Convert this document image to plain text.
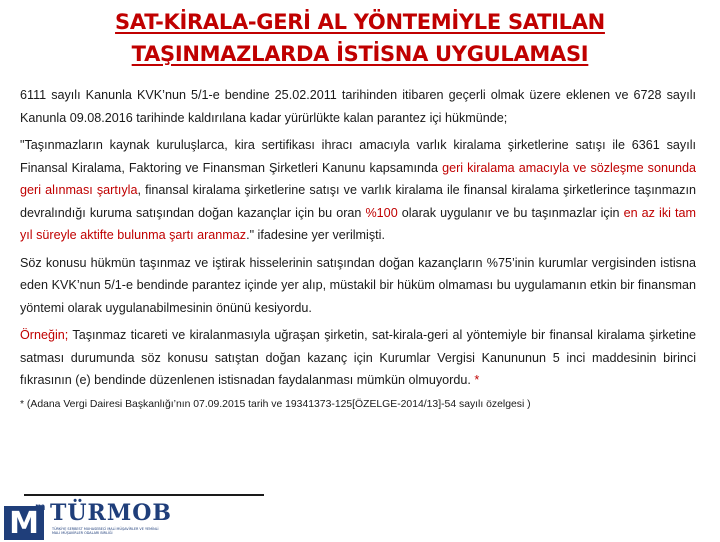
SAT-KİRALA-GERİ AL YÖNTEMİYLE SATILAN
TAŞINMAZLARDA İSTİSNA UYGULAMASI

6111 sayılı Kanunla KVK’nun 5/1-e bendine 25.02.2011 tarihinden itibaren geçerli olmak üzere eklenen ve 6728 sayılı Kanunla 09.08.2016 tarihinde kaldırılana kadar yürürlükte kalan parantez içi hükmünde;

"Taşınmazların kaynak kuruluşlarca, kira sertifikası ihracı amacıyla varlık kiralama şirketlerine satışı ile 6361 sayılı Finansal Kiralama, Faktoring ve Finansman Şirketleri Kanunu kapsamında geri kiralama amacıyla ve sözleşme sonunda geri alınması şartıyla, finansal kiralama şirketlerine satışı ve varlık kiralama ile finansal kiralama şirketlerince taşınmazın devralındığı kuruma satışından doğan kazançlar için bu oran %100 olarak uygulanır ve bu taşınmazlar için en az iki tam yıl süreyle aktifte bulunma şartı aranmaz." ifadesine yer verilmişti.

Söz konusu hükmün taşınmaz ve iştirak hisselerinin satışından doğan kazançların %75’inin kurumlar vergisinden istisna eden KVK’nun 5/1-e bendinde parantez içinde yer alıp, müstakil bir hüküm olmaması bu uygulamanın etkin bir finansman yöntemi olarak uygulanabilmesinin önünü kesiyordu.

Örneğin; Taşınmaz ticareti ve kiralanmasıyla uğraşan şirketin, sat-kirala-geri al yöntemiyle bir finansal kiralama şirketine satması durumunda söz konusu satıştan doğan kazanç için Kurumlar Vergisi Kanununun 5 inci maddesinin birinci fıkrasının (e) bendinde düzenlenen istisnadan faydalanması mümkün olmuyordu. *

* (Adana Vergi Dairesi Başkanlığı’nın 07.09.2015 tarih ve 19341373-125[ÖZELGE-2014/13]-54 sayılı özelgesi )
M
m TÜRMOB
TÜRKİYE SERBEST MUHASEBECİ MALİ MÜŞAVİRLER VE YEMİNLİ MALİ MÜŞAVİRLER ODALARI BİRLİĞİ
